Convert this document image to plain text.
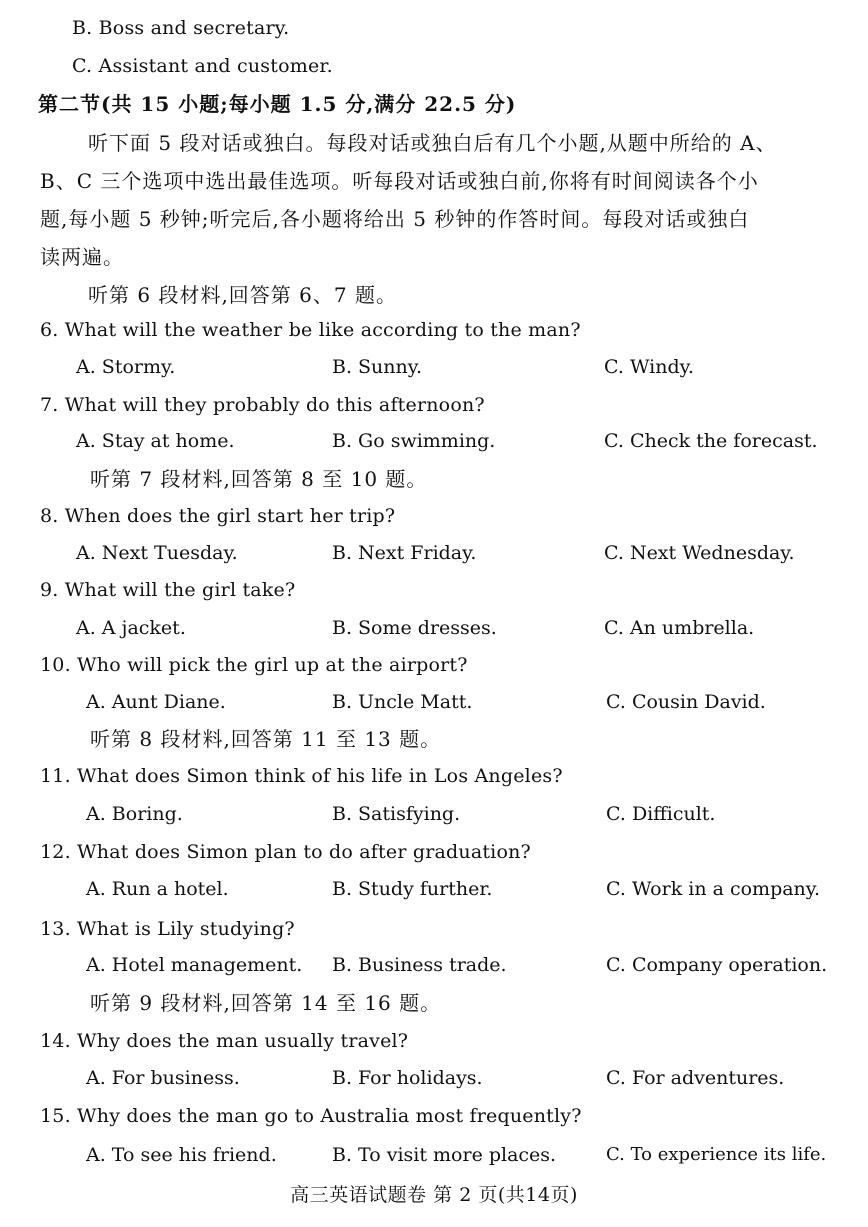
B. Boss and secretary.
C. Assistant and customer.
第二节(共 15 小题;每小题 1.5 分,满分 22.5 分)
听下面 5 段对话或独白。每段对话或独白后有几个小题,从题中所给的 A、
B、C 三个选项中选出最佳选项。听每段对话或独白前,你将有时间阅读各个小
题,每小题 5 秒钟;听完后,各小题将给出 5 秒钟的作答时间。每段对话或独白
读两遍。
听第 6 段材料,回答第 6、7 题。
6. What will the weather be like according to the man?
A. Stormy.	B. Sunny.	C. Windy.
7. What will they probably do this afternoon?
A. Stay at home.	B. Go swimming.	C. Check the forecast.
听第 7 段材料,回答第 8 至 10 题。
8. When does the girl start her trip?
A. Next Tuesday.	B. Next Friday.	C. Next Wednesday.
9. What will the girl take?
A. A jacket.	B. Some dresses.	C. An umbrella.
10. Who will pick the girl up at the airport?
A. Aunt Diane.	B. Uncle Matt.	C. Cousin David.
听第 8 段材料,回答第 11 至 13 题。
11. What does Simon think of his life in Los Angeles?
A. Boring.	B. Satisfying.	C. Difficult.
12. What does Simon plan to do after graduation?
A. Run a hotel.	B. Study further.	C. Work in a company.
13. What is Lily studying?
A. Hotel management. B. Business trade.	C. Company operation.
听第 9 段材料,回答第 14 至 16 题。
14. Why does the man usually travel?
A. For business.	B. For holidays.	C. For adventures.
15. Why does the man go to Australia most frequently?
A. To see his friend.	B. To visit more places.	C. To experience its life.
高三英语试题卷 第 2 页(共14页)
